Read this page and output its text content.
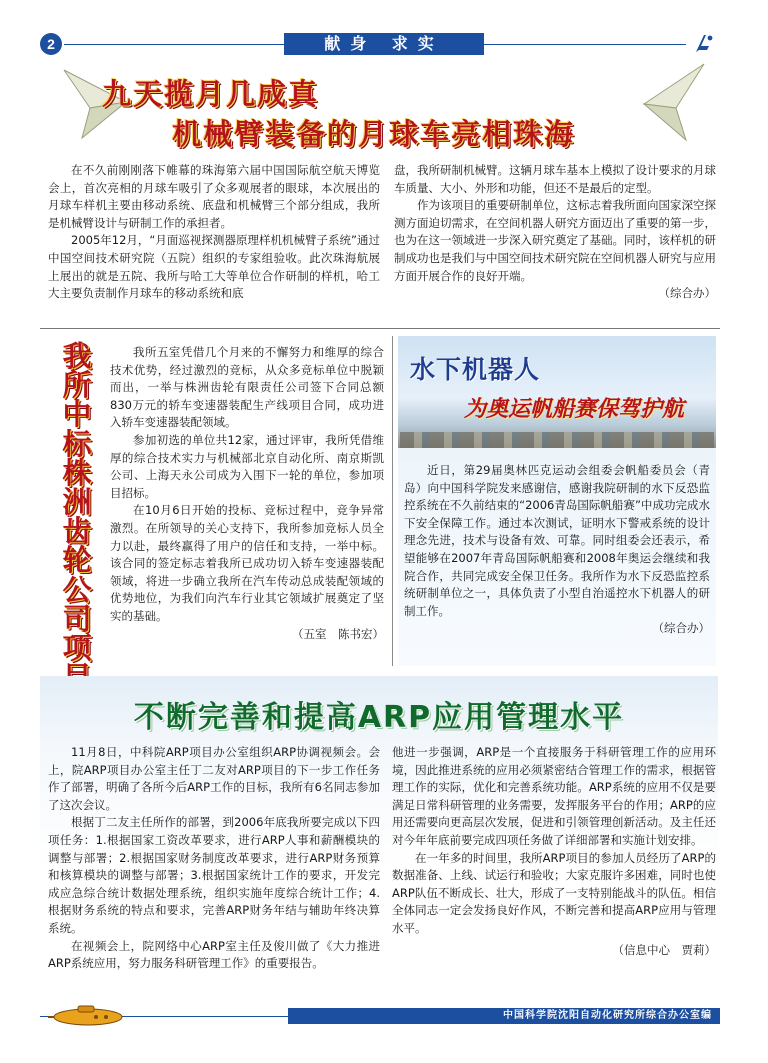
2	献身 求实
九天揽月几成真
机械臂装备的月球车亮相珠海

在不久前刚刚落下帷幕的珠海第六届中国国际航空航天博览会上，首次亮相的月球车吸引了众多观展者的眼球，本次展出的月球车样机主要由移动系统、底盘和机械臂三个部分组成，我所是机械臂设计与研制工作的承担者。

2005年12月，“月面巡视探测器原理样机机械臂子系统”通过中国空间技术研究院（五院）组织的专家组验收。此次珠海航展上展出的就是五院、我所与哈工大等单位合作研制的样机，哈工大主要负责制作月球车的移动系统和底

盘，我所研制机械臂。这辆月球车基本上模拟了设计要求的月球车质量、大小、外形和功能，但还不是最后的定型。

作为该项目的重要研制单位，这标志着我所面向国家深空探测方面迫切需求，在空间机器人研究方面迈出了重要的第一步，也为在这一领域进一步深入研究奠定了基础。同时，该样机的研制成功也是我们与中国空间技术研究院在空间机器人研究与应用方面开展合作的良好开端。

（综合办）
我
所
中
标
株
洲
齿
轮
公
司
项

我所五室凭借几个月来的不懈努力和维厚的综合技术优势，经过激烈的竞标，从众多竞标单位中脱颖而出，一举与株洲齿轮有限责任公司签下合同总额830万元的轿车变速器装配生产线项目合同，成功进入轿车变速器装配领域。

参加初选的单位共12家，通过评审，我所凭借维厚的综合技术实力与机械部北京自动化所、南京斯凯公司、上海天永公司成为入围下一轮的单位，参加项目招标。

在10月6日开始的投标、竞标过程中，竞争异常激烈。在所领导的关心支持下，我所参加竞标人员全力以赴，最终赢得了用户的信任和支持，一举中标。该合同的签定标志着我所已成功切入轿车变速器装配领域，将进一步确立我所在汽车传动总成装配领域的优势地位，为我们向汽车行业其它领域扩展奠定了坚实的基础。

（五室　陈书宏）
水下机器人
为奥运帆船赛保驾护航

近日，第29届奥林匹克运动会组委会帆船委员会（青岛）向中国科学院发来感谢信，感谢我院研制的水下反恐监控系统在不久前结束的“2006青岛国际帆船赛”中成功完成水下安全保障工作。通过本次测试，证明水下警戒系统的设计理念先进，技术与设备有效、可靠。同时组委会还表示，希望能够在2007年青岛国际帆船赛和2008年奥运会继续和我院合作，共同完成安全保卫任务。我所作为水下反恐监控系统研制单位之一，具体负责了小型自治遥控水下机器人的研制工作。

（综合办）
不断完善和提高ARP应用管理水平

11月8日，中科院ARP项目办公室组织ARP协调视频会。会上，院ARP项目办公室主任丁二友对ARP项目的下一步工作任务作了部署，明确了各所今后ARP工作的目标，我所有6名同志参加了这次会议。

根据丁二友主任所作的部署，到2006年底我所要完成以下四项任务：1.根据国家工资改革要求，进行ARP人事和薪酬模块的调整与部署；2.根据国家财务制度改革要求，进行ARP财务预算和核算模块的调整与部署；3.根据国家统计工作的要求，开发完成应急综合统计数据处理系统，组织实施年度综合统计工作；4.根据财务系统的特点和要求，完善ARP财务年结与辅助年终决算系统。

在视频会上，院网络中心ARP室主任及俊川做了《大力推进ARP系统应用，努力服务科研管理工作》的重要报告。

他进一步强调，ARP是一个直接服务于科研管理工作的应用环境，因此推进系统的应用必须紧密结合管理工作的需求，根据管理工作的实际，优化和完善系统功能。ARP系统的应用不仅是要满足日常科研管理的业务需要，发挥服务平台的作用；ARP的应用还需要向更高层次发展，促进和引领管理创新活动。及主任还对今年年底前要完成四项任务做了详细部署和实施计划安排。

在一年多的时间里，我所ARP项目的参加人员经历了ARP的数据准备、上线、试运行和验收；大家克服许多困难，同时也使ARP队伍不断成长、壮大，形成了一支特别能战斗的队伍。相信全体同志一定会发扬良好作风，不断完善和提高ARP应用与管理水平。

（信息中心　贾莉）
中国科学院沈阳自动化研究所综合办公室编
